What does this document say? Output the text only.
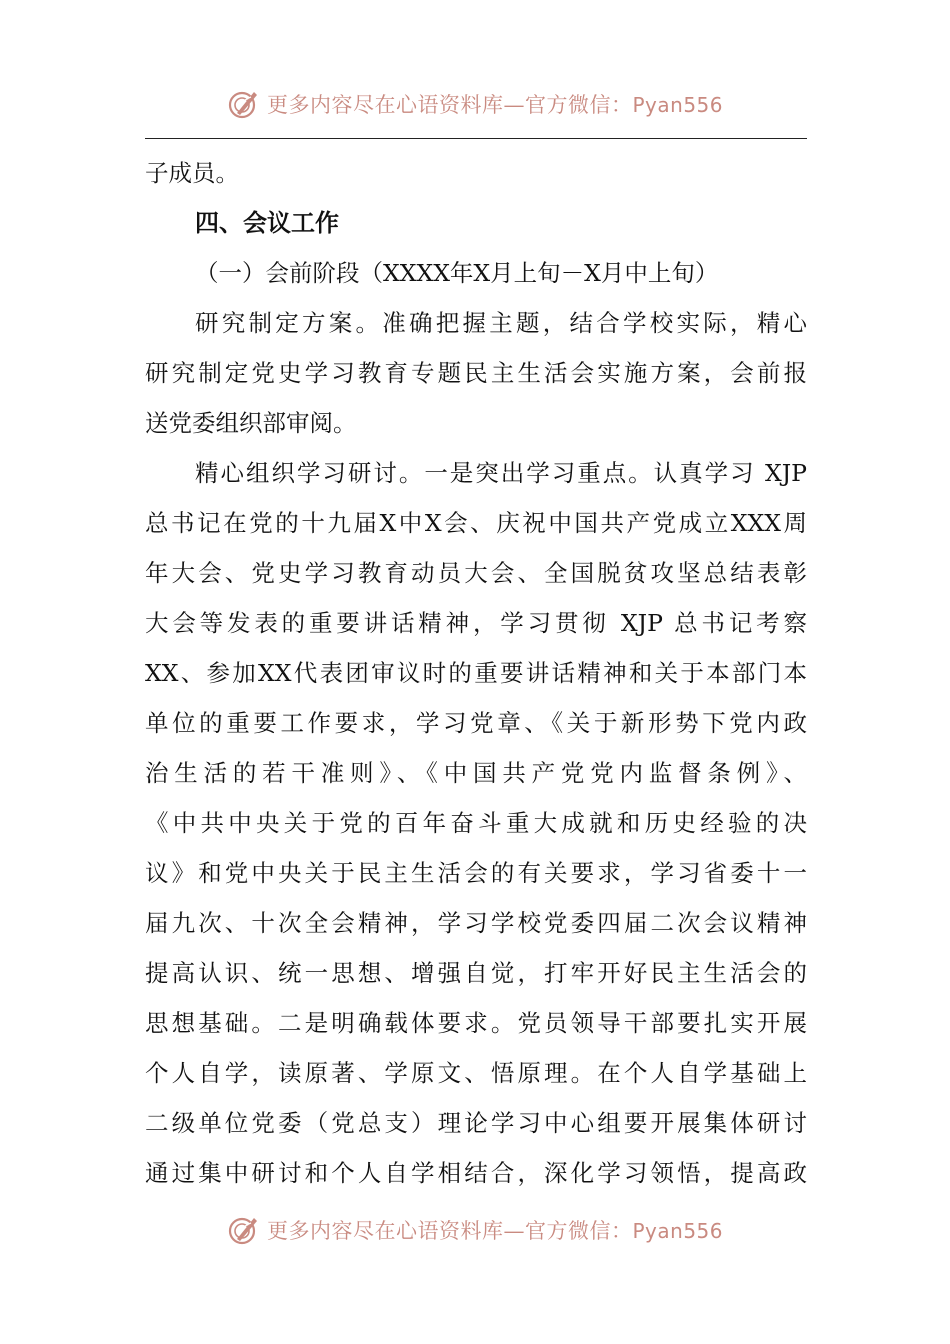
更多内容尽在心语资料库—官方微信：Pyan556
子成员。
四、会议工作
（一）会前阶段（XXXX年X月上旬－X月中上旬）
研究制定方案。准确把握主题，结合学校实际，精心
研究制定党史学习教育专题民主生活会实施方案，会前报
送党委组织部审阅。
精心组织学习研讨。一是突出学习重点。认真学习 XJP
总书记在党的十九届X中X会、庆祝中国共产党成立XXX周
年大会、党史学习教育动员大会、全国脱贫攻坚总结表彰
大会等发表的重要讲话精神，学习贯彻 XJP 总书记考察
XX、参加XX代表团审议时的重要讲话精神和关于本部门本
单位的重要工作要求，学习党章、《关于新形势下党内政
治生活的若干准则》、《中国共产党党内监督条例》、
《中共中央关于党的百年奋斗重大成就和历史经验的决
议》和党中央关于民主生活会的有关要求，学习省委十一
届九次、十次全会精神，学习学校党委四届二次会议精神
提高认识、统一思想、增强自觉，打牢开好民主生活会的
思想基础。二是明确载体要求。党员领导干部要扎实开展
个人自学，读原著、学原文、悟原理。在个人自学基础上
二级单位党委（党总支）理论学习中心组要开展集体研讨
通过集中研讨和个人自学相结合，深化学习领悟，提高政
更多内容尽在心语资料库—官方微信：Pyan556
